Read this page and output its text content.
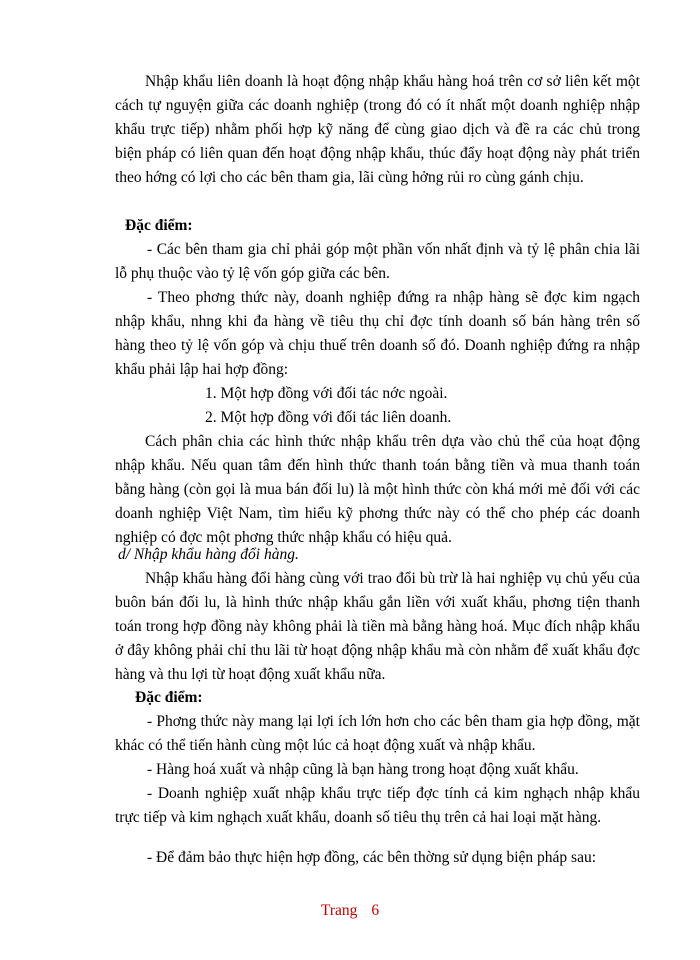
Nhập khẩu liên doanh là hoạt động nhập khẩu hàng hoá trên cơ sở liên kết một cách tự nguyện giữa các doanh nghiệp (trong đó có ít nhất một doanh nghiệp nhập khẩu trực tiếp) nhằm phối hợp kỹ năng để cùng giao dịch và đề ra các chủ trong biện pháp có liên quan đến hoạt động nhập khẩu, thúc đẩy hoạt động này phát triển theo hớng có lợi cho các bên tham gia, lãi cùng hởng rủi ro cùng gánh chịu.

Đặc điểm:

- Các bên tham gia chỉ phải góp một phần vốn nhất định và tỷ lệ phân chia lãi lỗ phụ thuộc vào tỷ lệ vốn góp giữa các bên.

- Theo phơng thức này, doanh nghiệp đứng ra nhập hàng sẽ đợc kim ngạch nhập khẩu, nhng khi đa hàng về tiêu thụ chỉ đợc tính doanh số bán hàng trên số hàng theo tỷ lệ vốn góp và chịu thuế trên doanh số đó. Doanh nghiệp đứng ra nhập khẩu phải lập hai hợp đồng:

1. Một hợp đồng với đối tác nớc ngoài.
2. Một hợp đồng với đối tác liên doanh.

Cách phân chia các hình thức nhập khẩu trên dựa vào chủ thể của hoạt động nhập khẩu. Nếu quan tâm đến hình thức thanh toán bằng tiền và mua thanh toán bằng hàng (còn gọi là mua bán đối lu) là một hình thức còn khá mới mẻ đối với các doanh nghiệp Việt Nam, tìm hiểu kỹ phơng thức này có thể cho phép các doanh nghiệp có đợc một phơng thức nhập khẩu có hiệu quả.

d/ Nhập khẩu hàng đổi hàng.

Nhập khẩu hàng đổi hàng cùng với trao đổi bù trừ là hai nghiệp vụ chủ yếu của buôn bán đối lu, là hình thức nhập khẩu gắn liền với xuất khẩu, phơng tiện thanh toán trong hợp đồng này không phải là tiền mà bằng hàng hoá. Mục đích nhập khẩu ở đây không phải chỉ thu lãi từ hoạt động nhập khẩu mà còn nhằm để xuất khẩu đợc hàng và thu lợi từ hoạt động xuất khẩu nữa.

Đặc điểm:

- Phơng thức này mang lại lợi ích lớn hơn cho các bên tham gia hợp đồng, mặt khác có thể tiến hành cùng một lúc cả hoạt động xuất và nhập khẩu.

- Hàng hoá xuất và nhập cũng là bạn hàng trong hoạt động xuất khẩu.

- Doanh nghiệp xuất nhập khẩu trực tiếp đợc tính cả kim nghạch nhập khẩu trực tiếp và kim nghạch xuất khẩu, doanh số tiêu thụ trên cả hai loại mặt hàng.

- Để đảm bảo thực hiện hợp đồng, các bên thờng sử dụng biện pháp sau:

Trang 6
